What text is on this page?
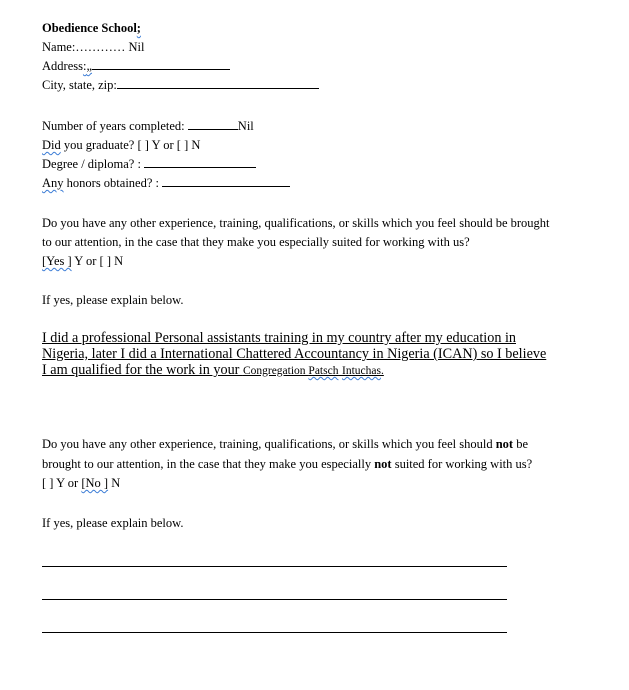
Obedience School;
Name:………… Nil
Address:„
City, state, zip:
Number of years completed:	Nil
Did you graduate? [ ] Y or [ ] N
Degree / diploma? :
Any honors obtained? :
Do you have any other experience, training, qualifications, or skills which you feel should be brought
to our attention, in the case that they make you especially suited for working with us?
[Yes ] Y or [ ] N
If yes, please explain below.
I did a professional Personal assistants training in my country after my education in
Nigeria, later I did a International Chattered Accountancy in Nigeria (ICAN) so I believe
I am qualified for the work in your Congregation Patsch Intuchas.
Do you have any other experience, training, qualifications, or skills which you feel should not be
brought to our attention, in the case that they make you especially not suited for working with us?
[ ] Y or [No ] N
If yes, please explain below.
